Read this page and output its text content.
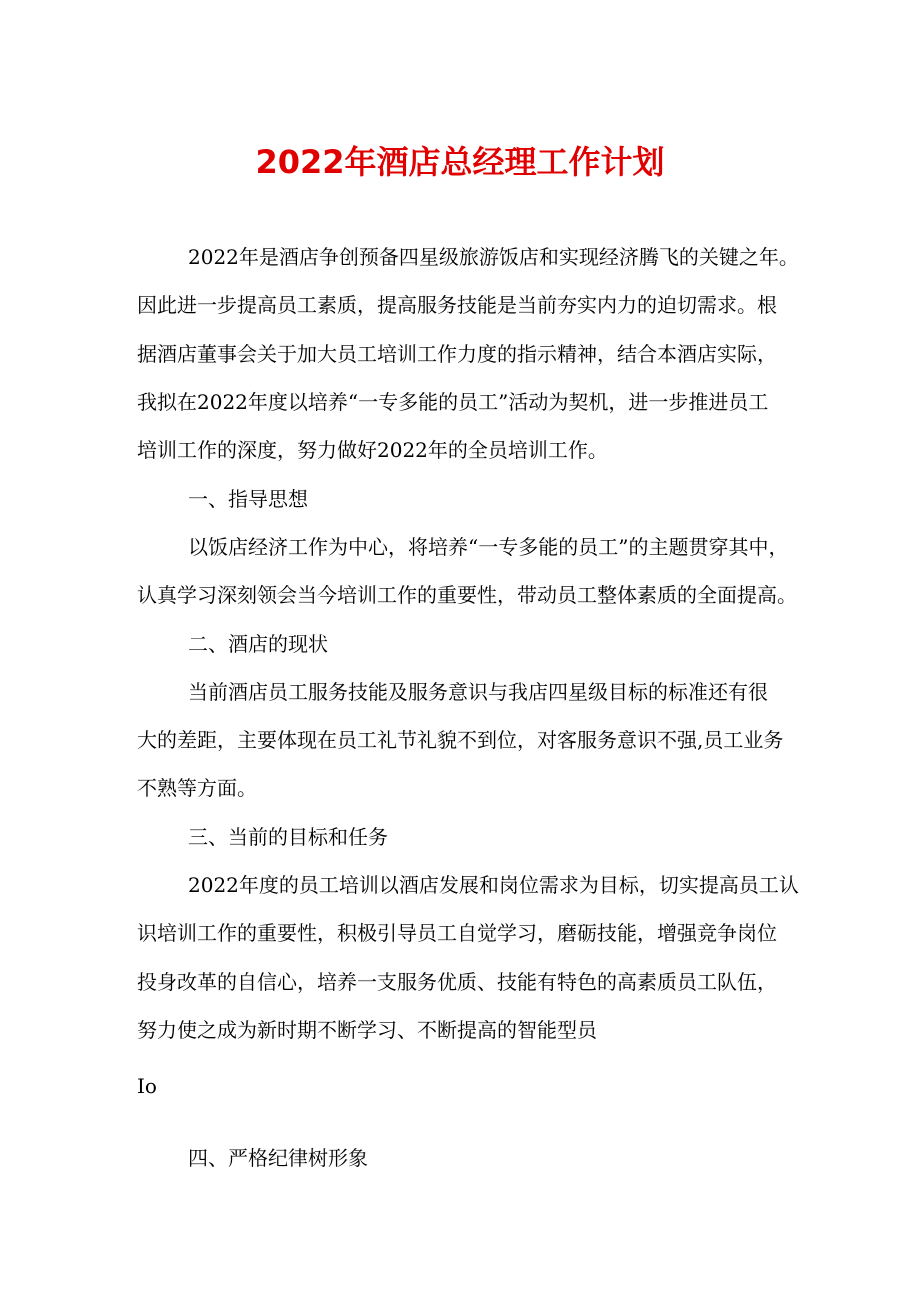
2022年酒店总经理工作计划
2022年是酒店争创预备四星级旅游饭店和实现经济腾飞的关键之年。
因此进一步提高员工素质，提高服务技能是当前夯实内力的迫切需求。根
据酒店董事会关于加大员工培训工作力度的指示精神，结合本酒店实际，
我拟在2022年度以培养“一专多能的员工”活动为契机，进一步推进员工
培训工作的深度，努力做好2022年的全员培训工作。
一、指导思想
以饭店经济工作为中心，将培养“一专多能的员工”的主题贯穿其中，
认真学习深刻领会当今培训工作的重要性，带动员工整体素质的全面提高。
二、酒店的现状
当前酒店员工服务技能及服务意识与我店四星级目标的标准还有很
大的差距，主要体现在员工礼节礼貌不到位，对客服务意识不强,员工业务
不熟等方面。
三、当前的目标和任务
2022年度的员工培训以酒店发展和岗位需求为目标，切实提高员工认
识培训工作的重要性，积极引导员工自觉学习，磨砺技能，增强竞争岗位
投身改革的自信心，培养一支服务优质、技能有特色的高素质员工队伍，
努力使之成为新时期不断学习、不断提高的智能型员
Io
四、严格纪律树形象
